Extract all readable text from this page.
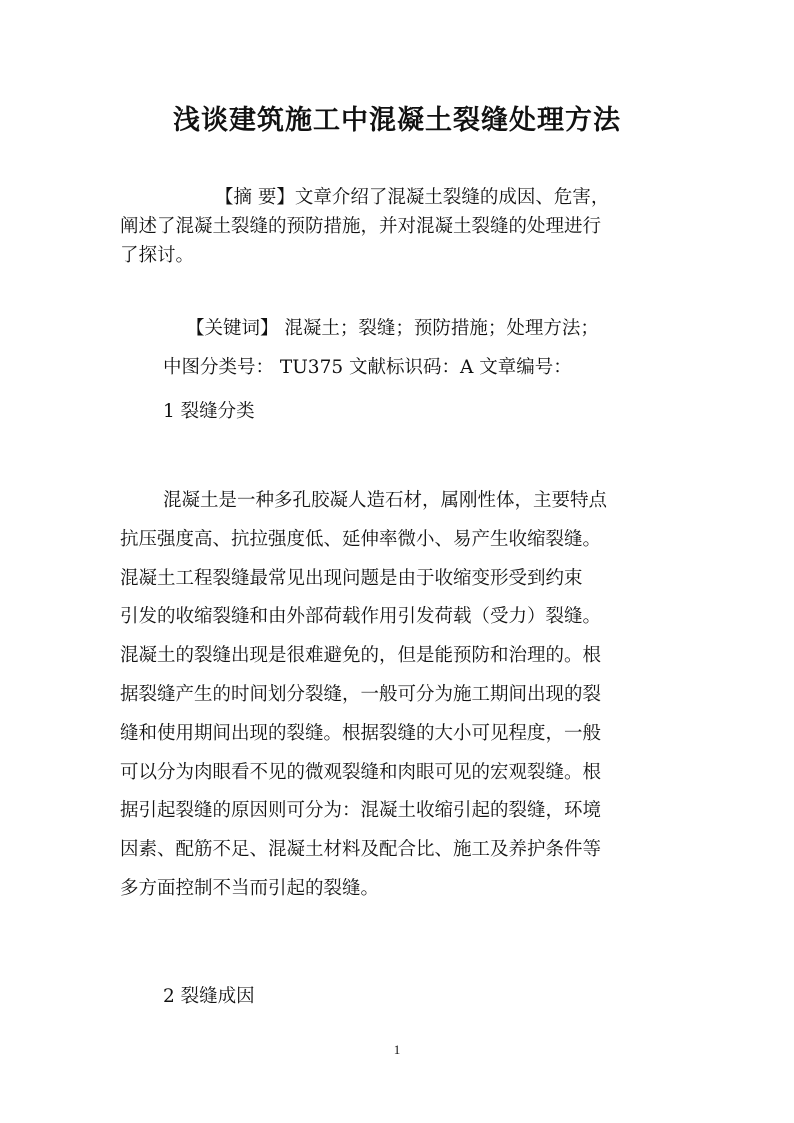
浅谈建筑施工中混凝土裂缝处理方法
【摘 要】文章介绍了混凝土裂缝的成因、危害，
阐述了混凝土裂缝的预防措施，并对混凝土裂缝的处理进行
了探讨。
【关键词】 混凝土；裂缝；预防措施；处理方法；
中图分类号： TU375 文献标识码：A 文章编号：
1 裂缝分类
混凝土是一种多孔胶凝人造石材，属刚性体，主要特点
抗压强度高、抗拉强度低、延伸率微小、易产生收缩裂缝。
混凝土工程裂缝最常见出现问题是由于收缩变形受到约束
引发的收缩裂缝和由外部荷载作用引发荷载（受力）裂缝。
混凝土的裂缝出现是很难避免的，但是能预防和治理的。根
据裂缝产生的时间划分裂缝，一般可分为施工期间出现的裂
缝和使用期间出现的裂缝。根据裂缝的大小可见程度，一般
可以分为肉眼看不见的微观裂缝和肉眼可见的宏观裂缝。根
据引起裂缝的原因则可分为：混凝土收缩引起的裂缝，环境
因素、配筋不足、混凝土材料及配合比、施工及养护条件等
多方面控制不当而引起的裂缝。
2 裂缝成因
1
